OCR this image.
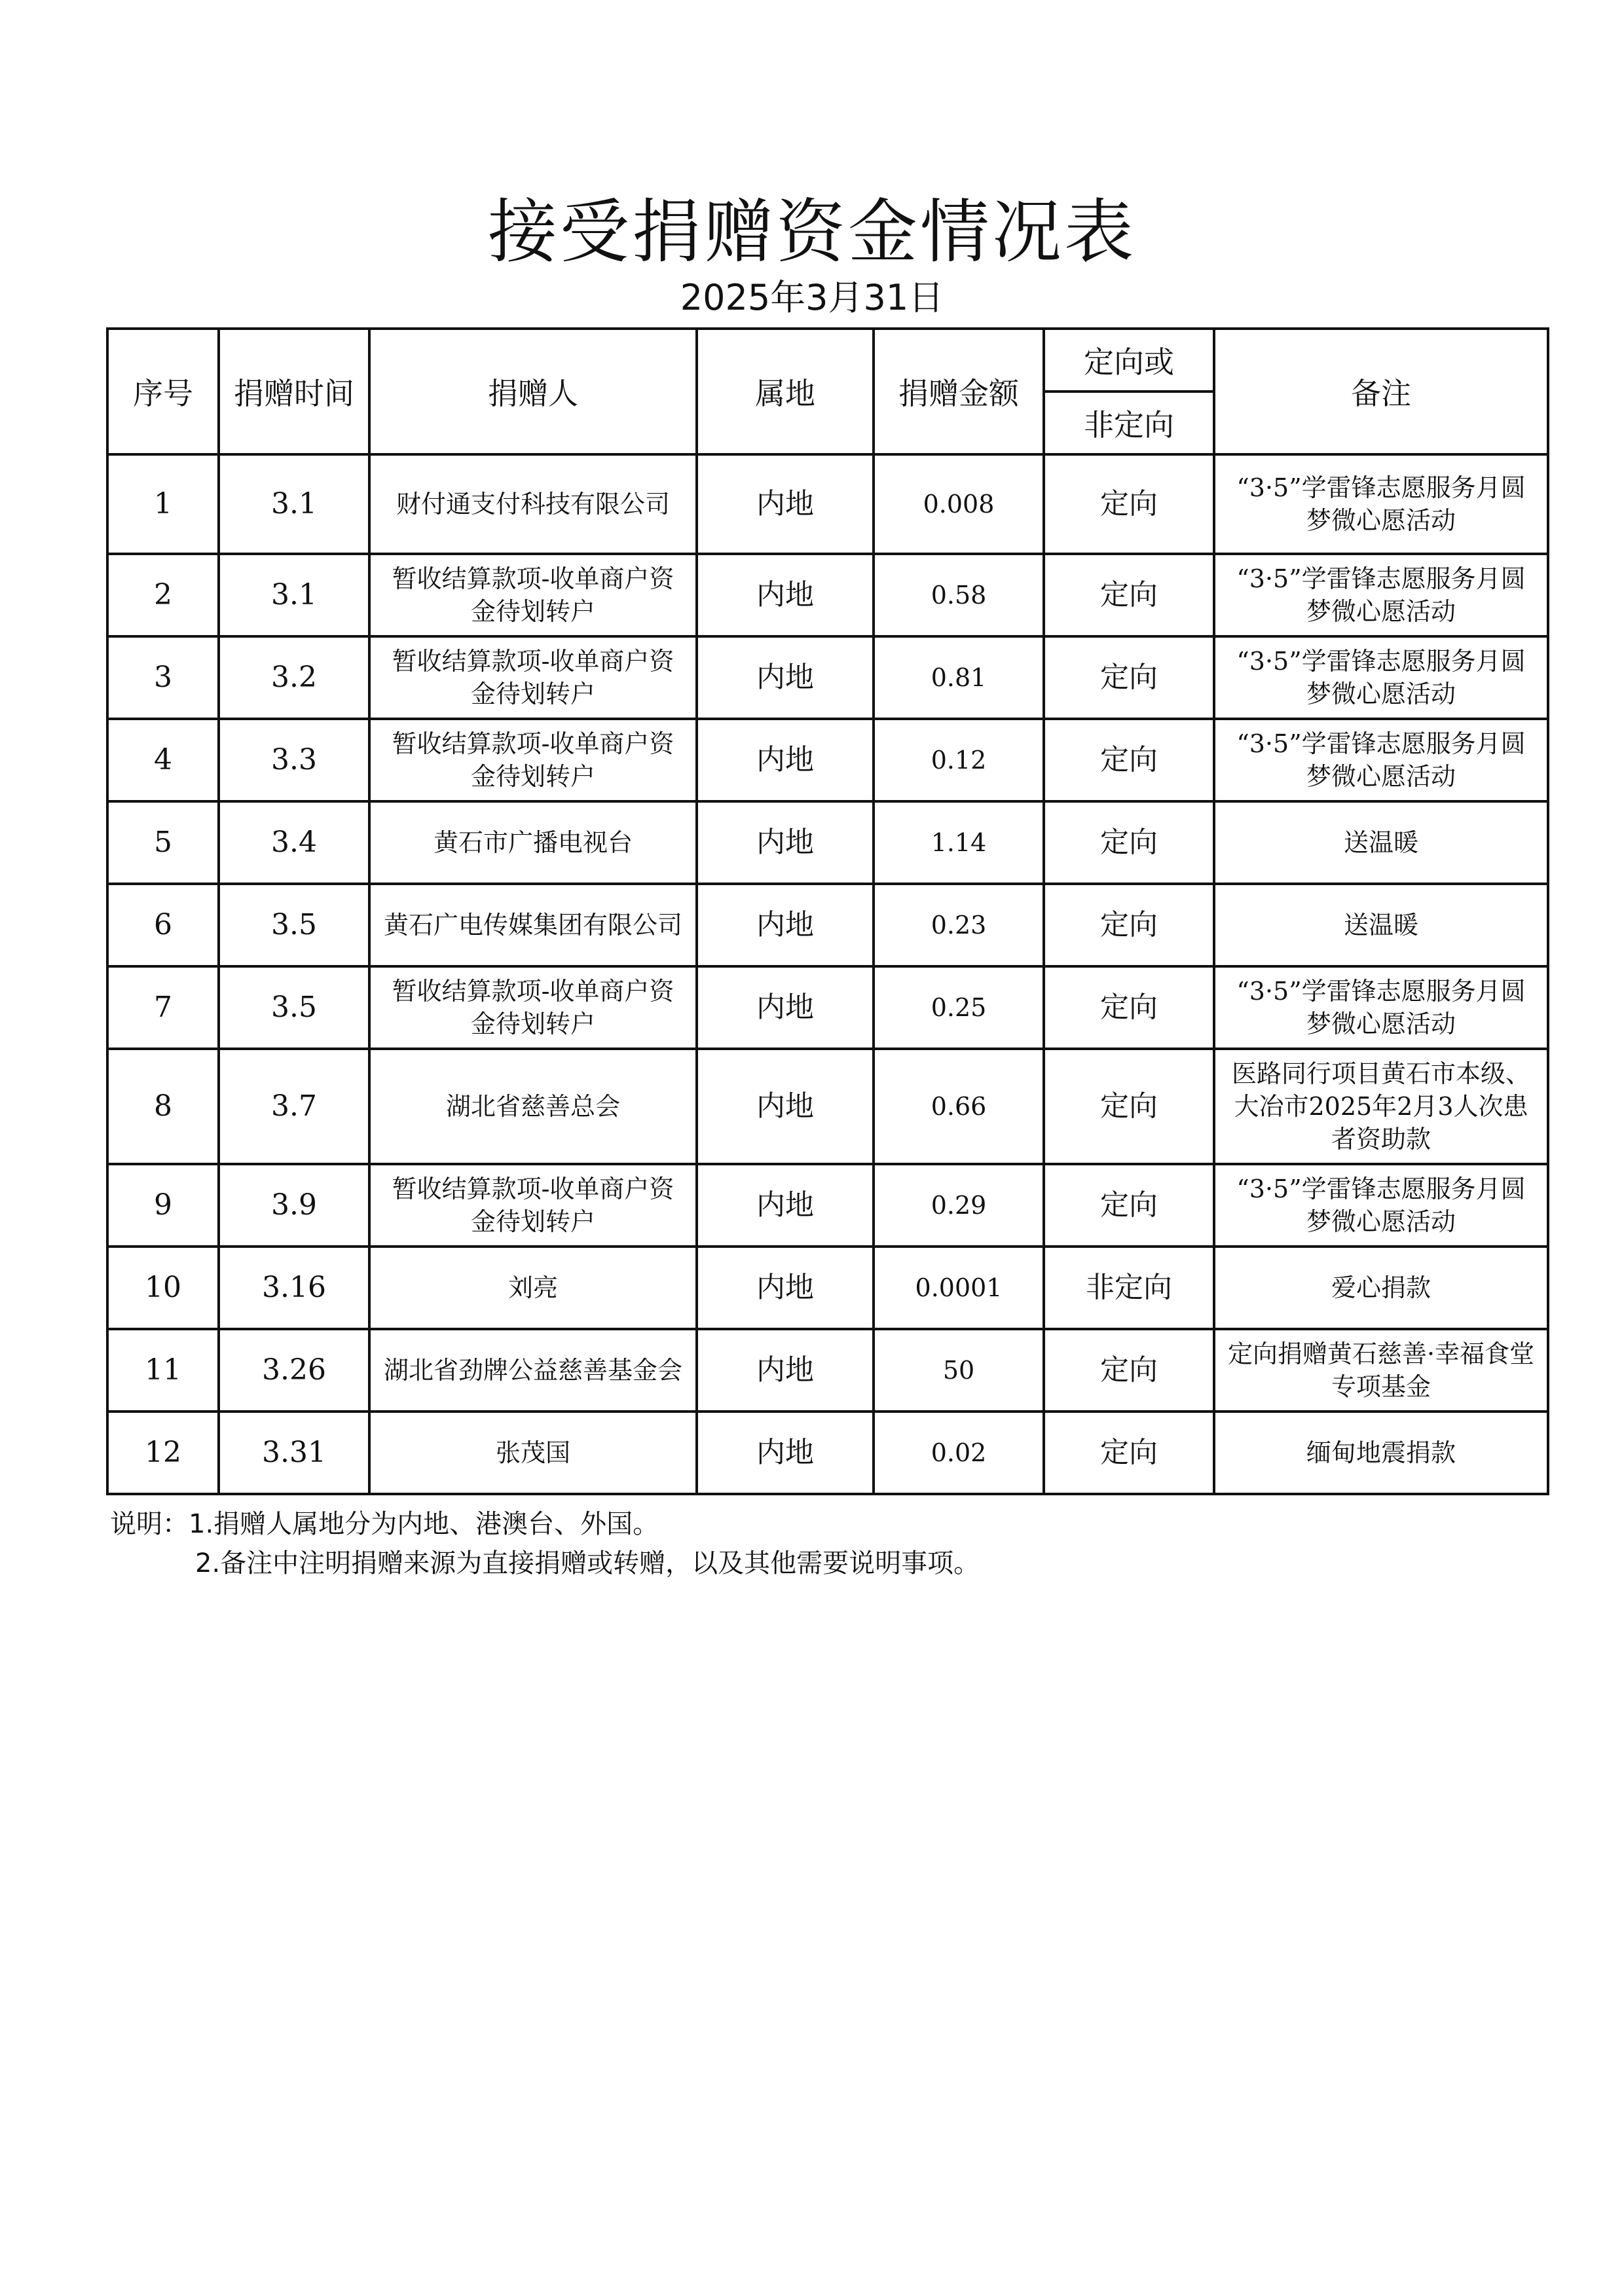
接受捐赠资金情况表
2025年3月31日
序号	捐赠时间	捐赠人	属地	捐赠金额	定向或	备注
					非定向	
1	3.1	财付通支付科技有限公司	内地	0.008	定向	“3·5”学雷锋志愿服务月圆梦微心愿活动
2	3.1	暂收结算款项-收单商户资金待划转户	内地	0.58	定向	“3·5”学雷锋志愿服务月圆梦微心愿活动
3	3.2	暂收结算款项-收单商户资金待划转户	内地	0.81	定向	“3·5”学雷锋志愿服务月圆梦微心愿活动
4	3.3	暂收结算款项-收单商户资金待划转户	内地	0.12	定向	“3·5”学雷锋志愿服务月圆梦微心愿活动
5	3.4	黄石市广播电视台	内地	1.14	定向	送温暖
6	3.5	黄石广电传媒集团有限公司	内地	0.23	定向	送温暖
7	3.5	暂收结算款项-收单商户资金待划转户	内地	0.25	定向	“3·5”学雷锋志愿服务月圆梦微心愿活动
8	3.7	湖北省慈善总会	内地	0.66	定向	医路同行项目黄石市本级、大冶市2025年2月3人次患者资助款
9	3.9	暂收结算款项-收单商户资金待划转户	内地	0.29	定向	“3·5”学雷锋志愿服务月圆梦微心愿活动
10	3.16	刘亮	内地	0.0001	非定向	爱心捐款
11	3.26	湖北省劲牌公益慈善基金会	内地	50	定向	定向捐赠黄石慈善·幸福食堂专项基金
12	3.31	张茂国	内地	0.02	定向	缅甸地震捐款
说明：1.捐赠人属地分为内地、港澳台、外国。
2.备注中注明捐赠来源为直接捐赠或转赠，以及其他需要说明事项。
